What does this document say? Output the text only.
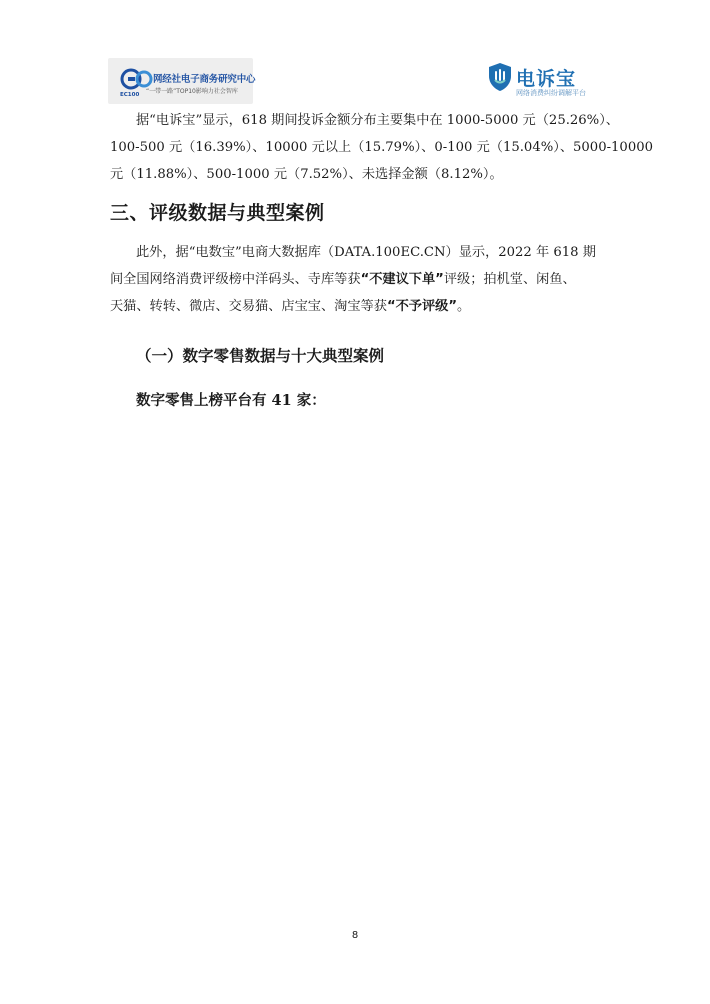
网经社电子商务研究中心
“一带一路”TOP10影响力社会智库
EC100
电诉宝
网络消费纠纷调解平台

据“电诉宝”显示，618 期间投诉金额分布主要集中在 1000-5000 元（25.26%）、
100-500 元（16.39%）、10000 元以上（15.79%）、0-100 元（15.04%）、5000-10000
元（11.88%）、500-1000 元（7.52%）、未选择金额（8.12%）。

三、评级数据与典型案例

此外，据“电数宝”电商大数据库（DATA.100EC.CN）显示，2022 年 618 期
间全国网络消费评级榜中洋码头、寺库等获“不建议下单”评级；拍机堂、闲鱼、
天猫、转转、微店、交易猫、店宝宝、淘宝等获“不予评级”。

（一）数字零售数据与十大典型案例

数字零售上榜平台有 41 家：

8
